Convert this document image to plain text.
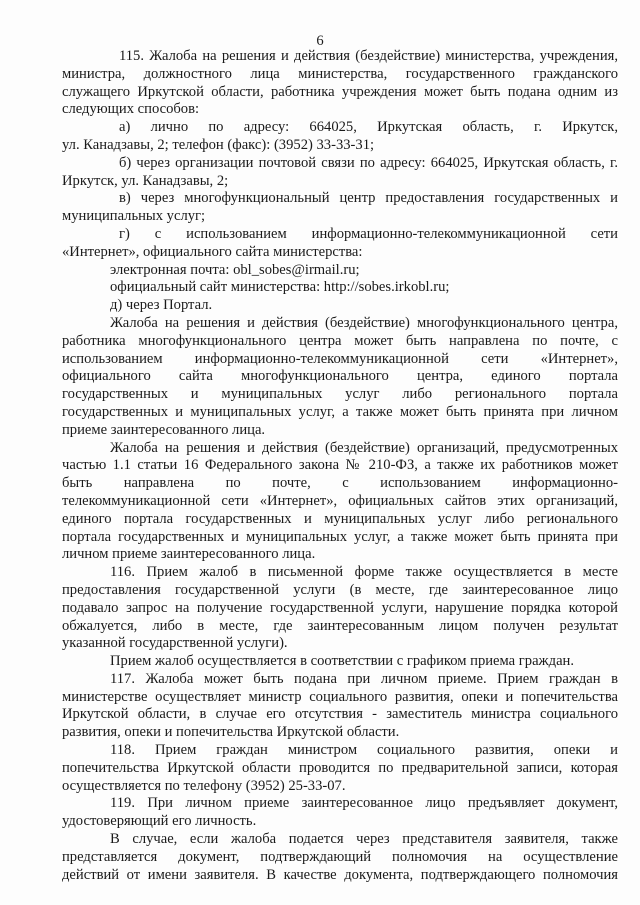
6
115. Жалоба на решения и действия (бездействие) министерства, учреждения,
министра, должностного лица министерства, государственного гражданского
служащего Иркутской области, работника учреждения может быть подана одним из
следующих способов:
а) лично по адресу: 664025, Иркутская область, г. Иркутск,
ул. Канадзавы, 2; телефон (факс): (3952) 33-33-31;
б) через организации почтовой связи по адресу: 664025, Иркутская область, г.
Иркутск, ул. Канадзавы, 2;
в) через многофункциональный центр предоставления государственных и
муниципальных услуг;
г) с использованием информационно-телекоммуникационной сети
«Интернет», официального сайта министерства:
электронная почта: obl_sobes@irmail.ru;
официальный сайт министерства: http://sobes.irkobl.ru;
д) через Портал.
Жалоба на решения и действия (бездействие) многофункционального центра,
работника многофункционального центра может быть направлена по почте, с
использованием информационно-телекоммуникационной сети «Интернет»,
официального сайта многофункционального центра, единого портала
государственных и муниципальных услуг либо регионального портала
государственных и муниципальных услуг, а также может быть принята при личном
приеме заинтересованного лица.
Жалоба на решения и действия (бездействие) организаций, предусмотренных
частью 1.1 статьи 16 Федерального закона № 210-ФЗ, а также их работников может
быть направлена по почте, с использованием информационно-
телекоммуникационной сети «Интернет», официальных сайтов этих организаций,
единого портала государственных и муниципальных услуг либо регионального
портала государственных и муниципальных услуг, а также может быть принята при
личном приеме заинтересованного лица.
116. Прием жалоб в письменной форме также осуществляется в месте
предоставления государственной услуги (в месте, где заинтересованное лицо
подавало запрос на получение государственной услуги, нарушение порядка которой
обжалуется, либо в месте, где заинтересованным лицом получен результат
указанной государственной услуги).
Прием жалоб осуществляется в соответствии с графиком приема граждан.
117. Жалоба может быть подана при личном приеме. Прием граждан в
министерстве осуществляет министр социального развития, опеки и попечительства
Иркутской области, в случае его отсутствия - заместитель министра социального
развития, опеки и попечительства Иркутской области.
118. Прием граждан министром социального развития, опеки и
попечительства Иркутской области проводится по предварительной записи, которая
осуществляется по телефону (3952) 25-33-07.
119. При личном приеме заинтересованное лицо предъявляет документ,
удостоверяющий его личность.
В случае, если жалоба подается через представителя заявителя, также
представляется документ, подтверждающий полномочия на осуществление
действий от имени заявителя. В качестве документа, подтверждающего полномочия
